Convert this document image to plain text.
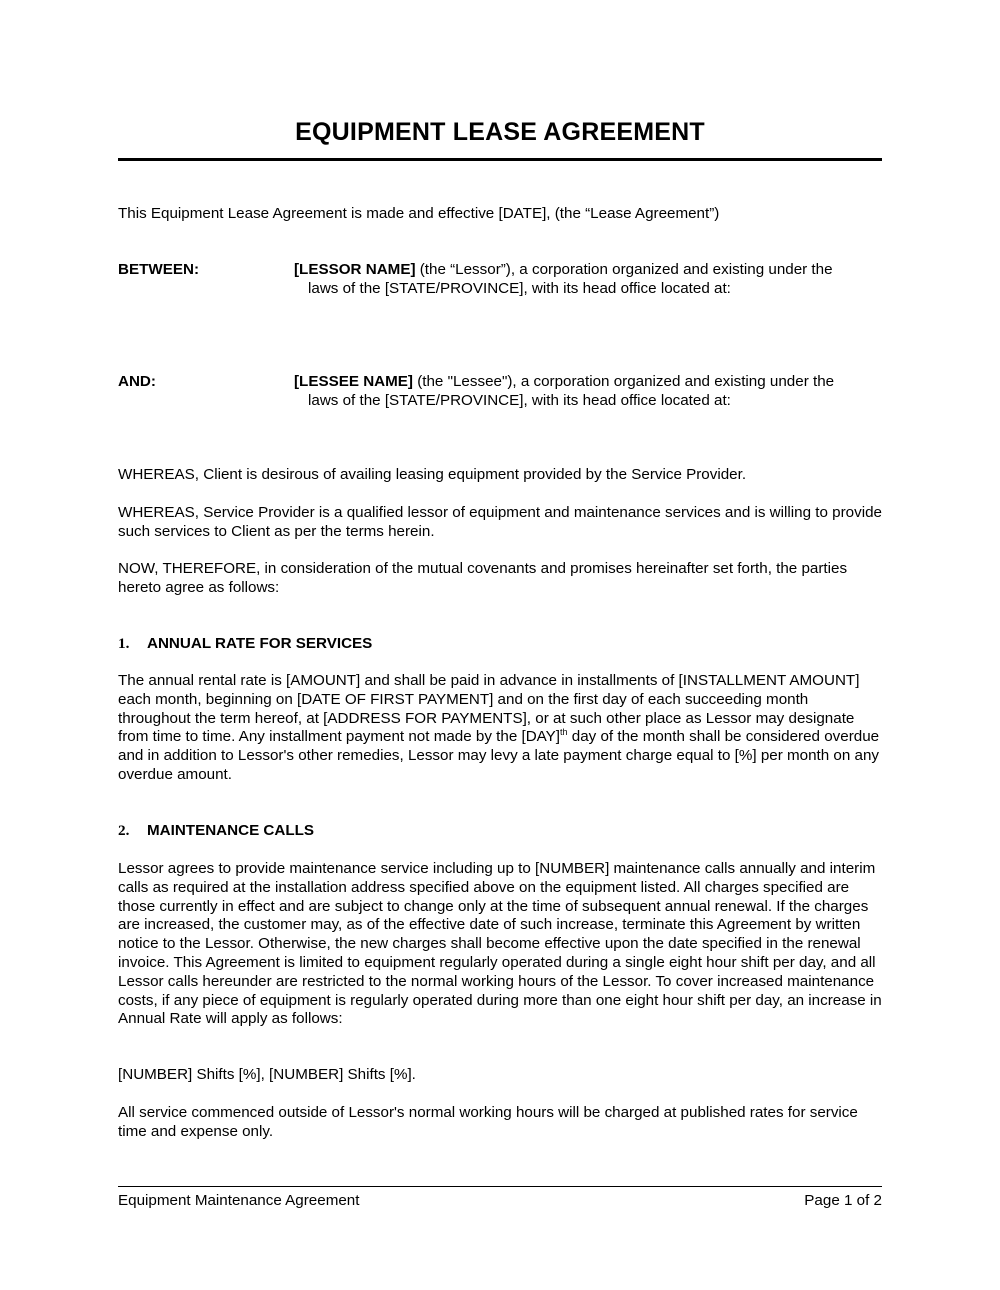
EQUIPMENT LEASE AGREEMENT

This Equipment Lease Agreement is made and effective [DATE], (the “Lease Agreement”)

BETWEEN:	[LESSOR NAME] (the “Lessor”), a corporation organized and existing under the
laws of the [STATE/PROVINCE], with its head office located at:

AND:	[LESSEE NAME] (the "Lessee"), a corporation organized and existing under the
laws of the [STATE/PROVINCE], with its head office located at:

WHEREAS, Client is desirous of availing leasing equipment provided by the Service Provider.

WHEREAS, Service Provider is a qualified lessor of equipment and maintenance services and is willing to provide such services to Client as per the terms herein.

NOW, THEREFORE, in consideration of the mutual covenants and promises hereinafter set forth, the parties hereto agree as follows:

1. ANNUAL RATE FOR SERVICES

The annual rental rate is [AMOUNT] and shall be paid in advance in installments of [INSTALLMENT AMOUNT] each month, beginning on [DATE OF FIRST PAYMENT] and on the first day of each succeeding month throughout the term hereof, at [ADDRESS FOR PAYMENTS], or at such other place as Lessor may designate from time to time. Any installment payment not made by the [DAY]$^{th}$ day of the month shall be considered overdue and in addition to Lessor's other remedies, Lessor may levy a late payment charge equal to [%] per month on any overdue amount.

2. MAINTENANCE CALLS

Lessor agrees to provide maintenance service including up to [NUMBER] maintenance calls annually and interim calls as required at the installation address specified above on the equipment listed. All charges specified are those currently in effect and are subject to change only at the time of subsequent annual renewal. If the charges are increased, the customer may, as of the effective date of such increase, terminate this Agreement by written notice to the Lessor. Otherwise, the new charges shall become effective upon the date specified in the renewal invoice. This Agreement is limited to equipment regularly operated during a single eight hour shift per day, and all Lessor calls hereunder are restricted to the normal working hours of the Lessor. To cover increased maintenance costs, if any piece of equipment is regularly operated during more than one eight hour shift per day, an increase in Annual Rate will apply as follows:

[NUMBER] Shifts [%], [NUMBER] Shifts [%].

All service commenced outside of Lessor's normal working hours will be charged at published rates for service time and expense only.

Equipment Maintenance Agreement	Page 1 of 2
